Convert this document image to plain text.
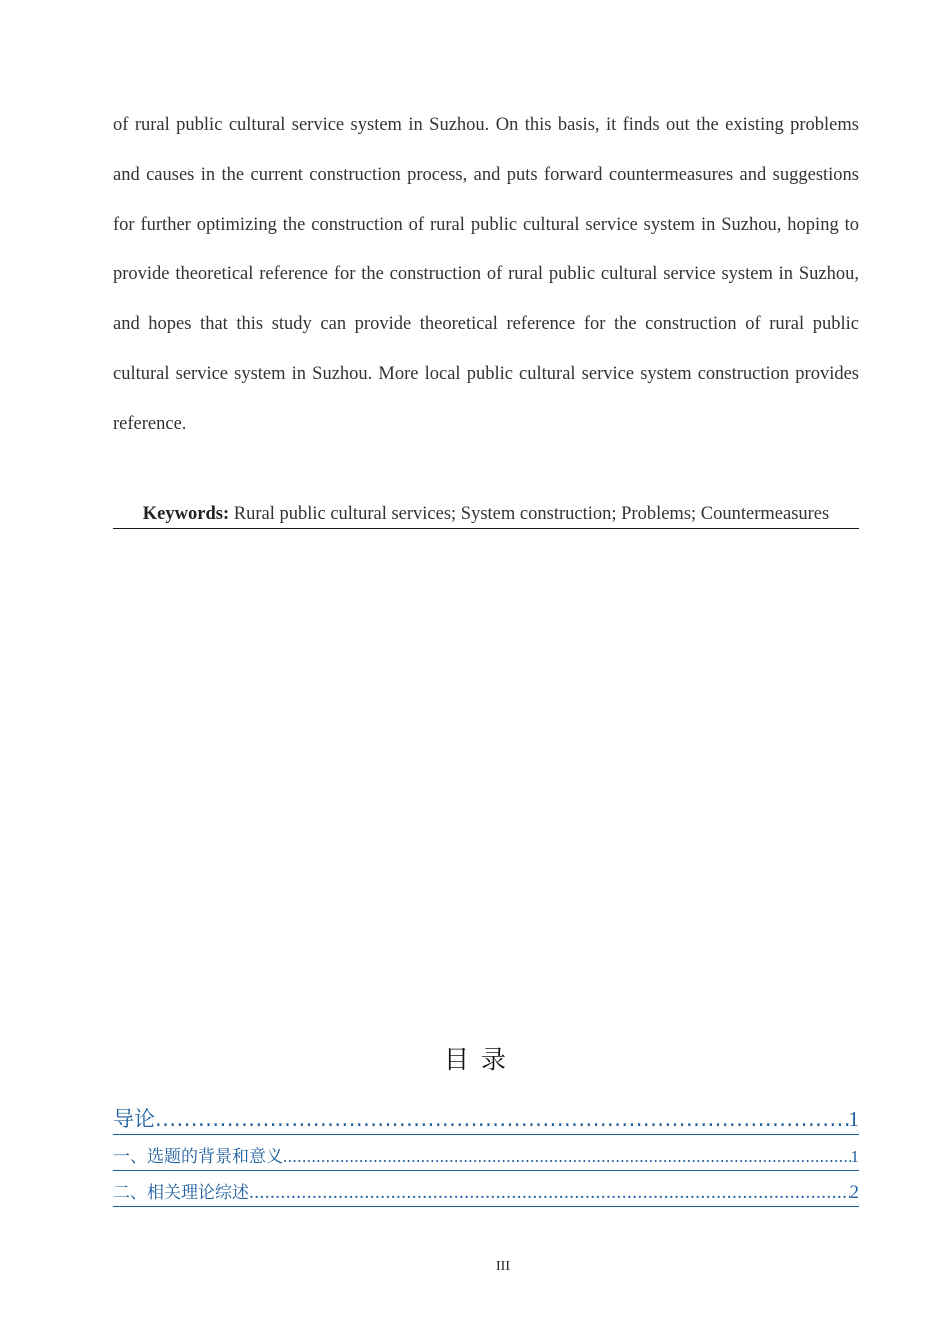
of rural public cultural service system in Suzhou. On this basis, it finds out the existing problems and causes in the current construction process, and puts forward countermeasures and suggestions for further optimizing the construction of rural public cultural service system in Suzhou, hoping to provide theoretical reference for the construction of rural public cultural service system in Suzhou, and hopes that this study can provide theoretical reference for the construction of rural public cultural service system in Suzhou. More local public cultural service system construction provides reference.

Keywords: Rural public cultural services; System construction; Problems; Countermeasures
目录
导论 .....	1
一、选题的背景和意义 .....	1
二、相关理论综述 .....	2
III
